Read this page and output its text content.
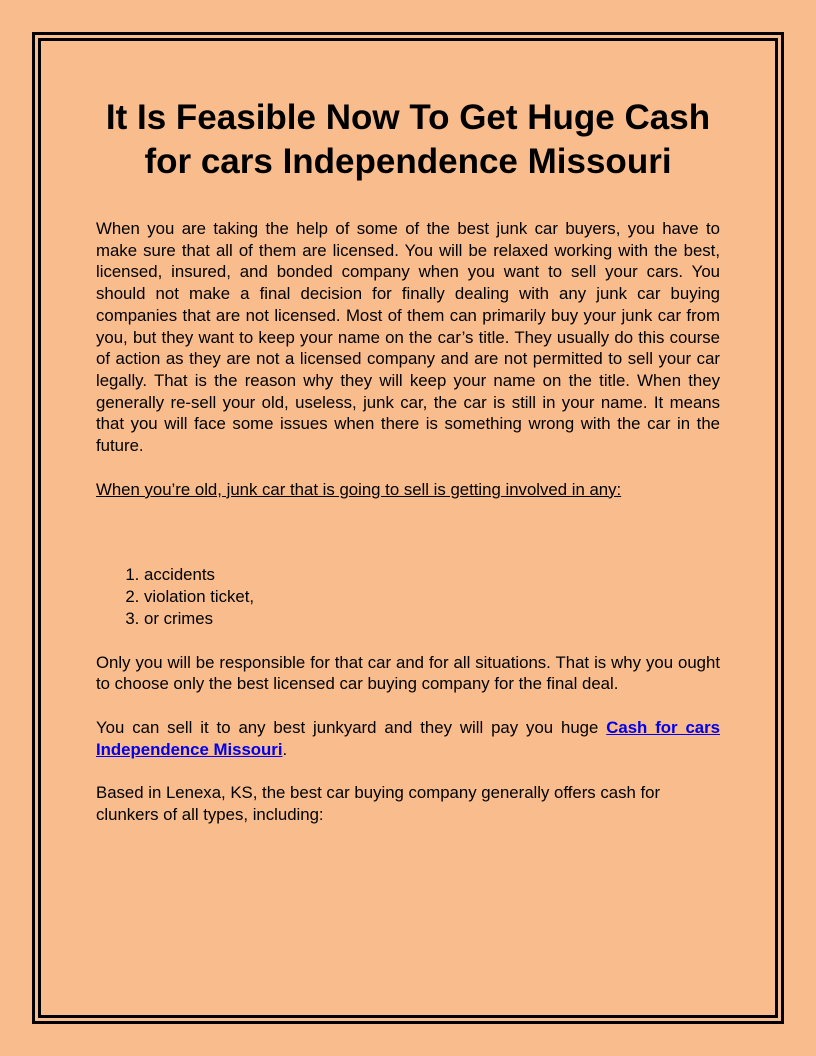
It Is Feasible Now To Get Huge Cash for cars Independence Missouri

When you are taking the help of some of the best junk car buyers, you have to make sure that all of them are licensed. You will be relaxed working with the best, licensed, insured, and bonded company when you want to sell your cars. You should not make a final decision for finally dealing with any junk car buying companies that are not licensed. Most of them can primarily buy your junk car from you, but they want to keep your name on the car’s title. They usually do this course of action as they are not a licensed company and are not permitted to sell your car legally. That is the reason why they will keep your name on the title. When they generally re-sell your old, useless, junk car, the car is still in your name. It means that you will face some issues when there is something wrong with the car in the future.

When you’re old, junk car that is going to sell is getting involved in any:

1. accidents
2. violation ticket,
3. or crimes

Only you will be responsible for that car and for all situations. That is why you ought to choose only the best licensed car buying company for the final deal.

You can sell it to any best junkyard and they will pay you huge Cash for cars Independence Missouri.

Based in Lenexa, KS, the best car buying company generally offers cash for clunkers of all types, including:
